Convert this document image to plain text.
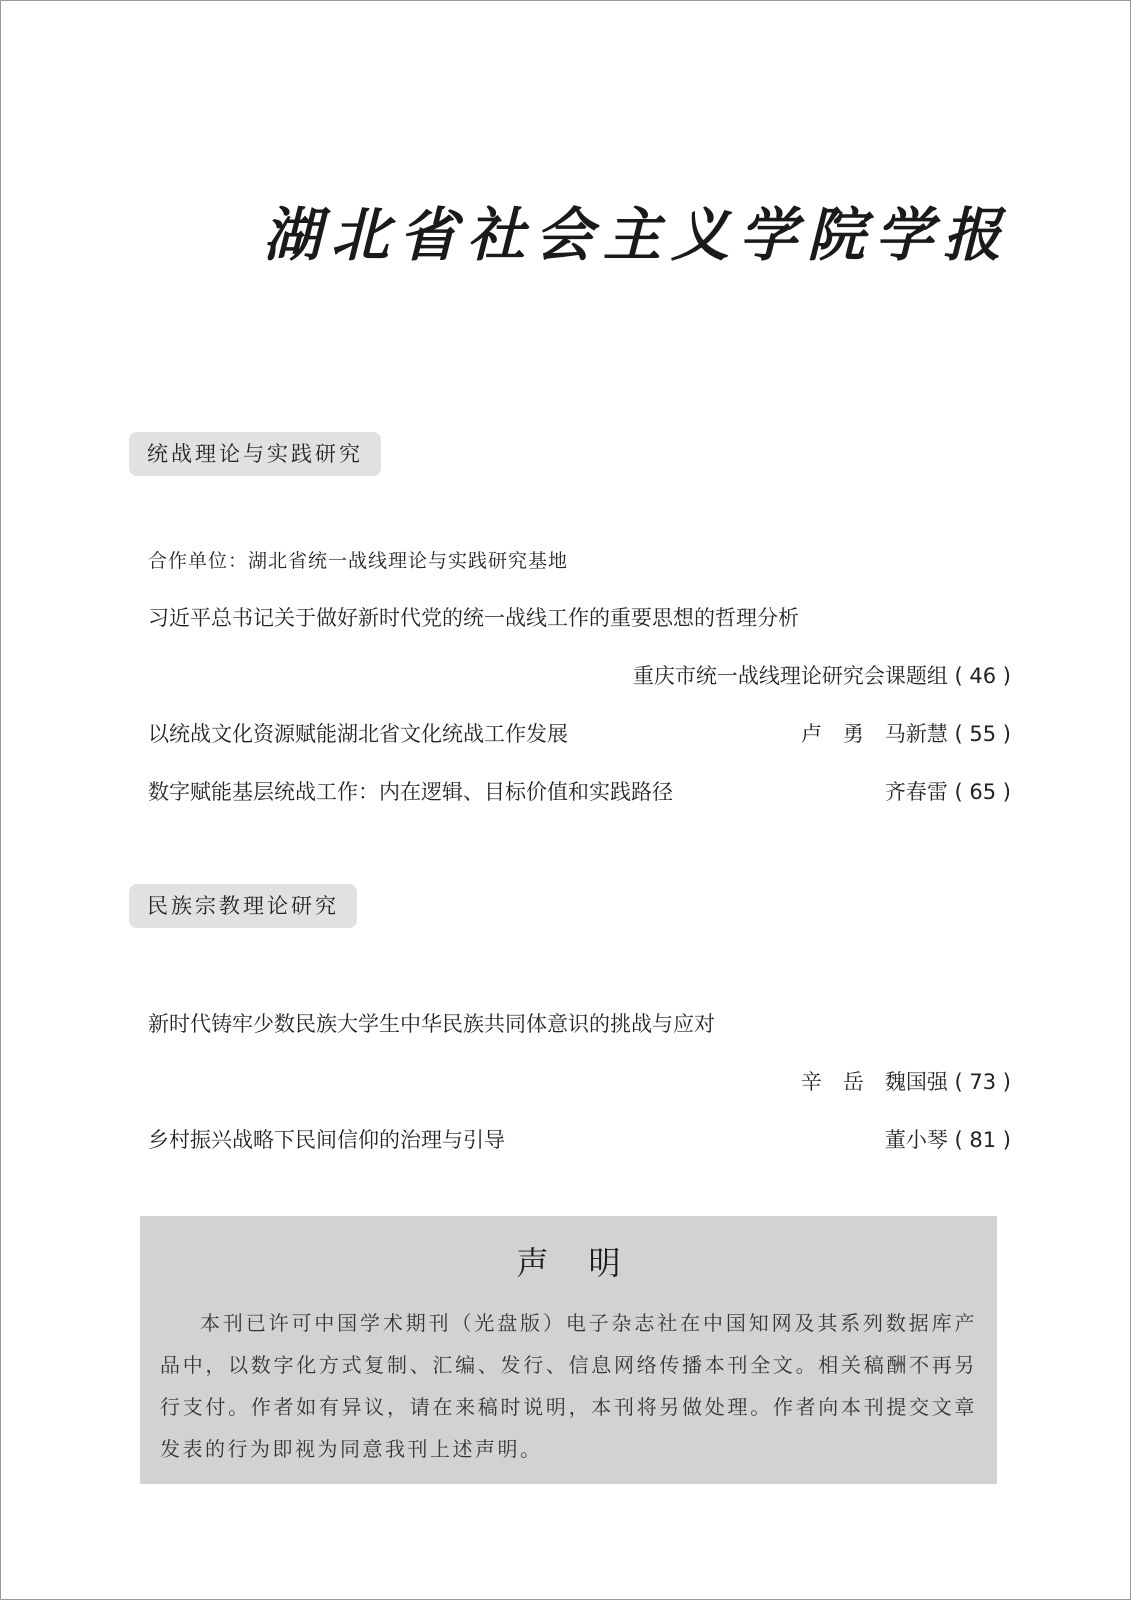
湖北省社会主义学院学报
统战理论与实践研究
合作单位：湖北省统一战线理论与实践研究基地
习近平总书记关于做好新时代党的统一战线工作的重要思想的哲理分析
重庆市统一战线理论研究会课题组 ( 46 )
以统战文化资源赋能湖北省文化统战工作发展	卢　勇　马新慧 ( 55 )
数字赋能基层统战工作：内在逻辑、目标价值和实践路径	齐春雷 ( 65 )
民族宗教理论研究
新时代铸牢少数民族大学生中华民族共同体意识的挑战与应对
辛　岳　魏国强 ( 73 )
乡村振兴战略下民间信仰的治理与引导	董小琴 ( 81 )
声明
本刊已许可中国学术期刊（光盘版）电子杂志社在中国知网及其系列数据库产品中，以数字化方式复制、汇编、发行、信息网络传播本刊全文。相关稿酬不再另行支付。作者如有异议，请在来稿时说明，本刊将另做处理。作者向本刊提交文章发表的行为即视为同意我刊上述声明。
